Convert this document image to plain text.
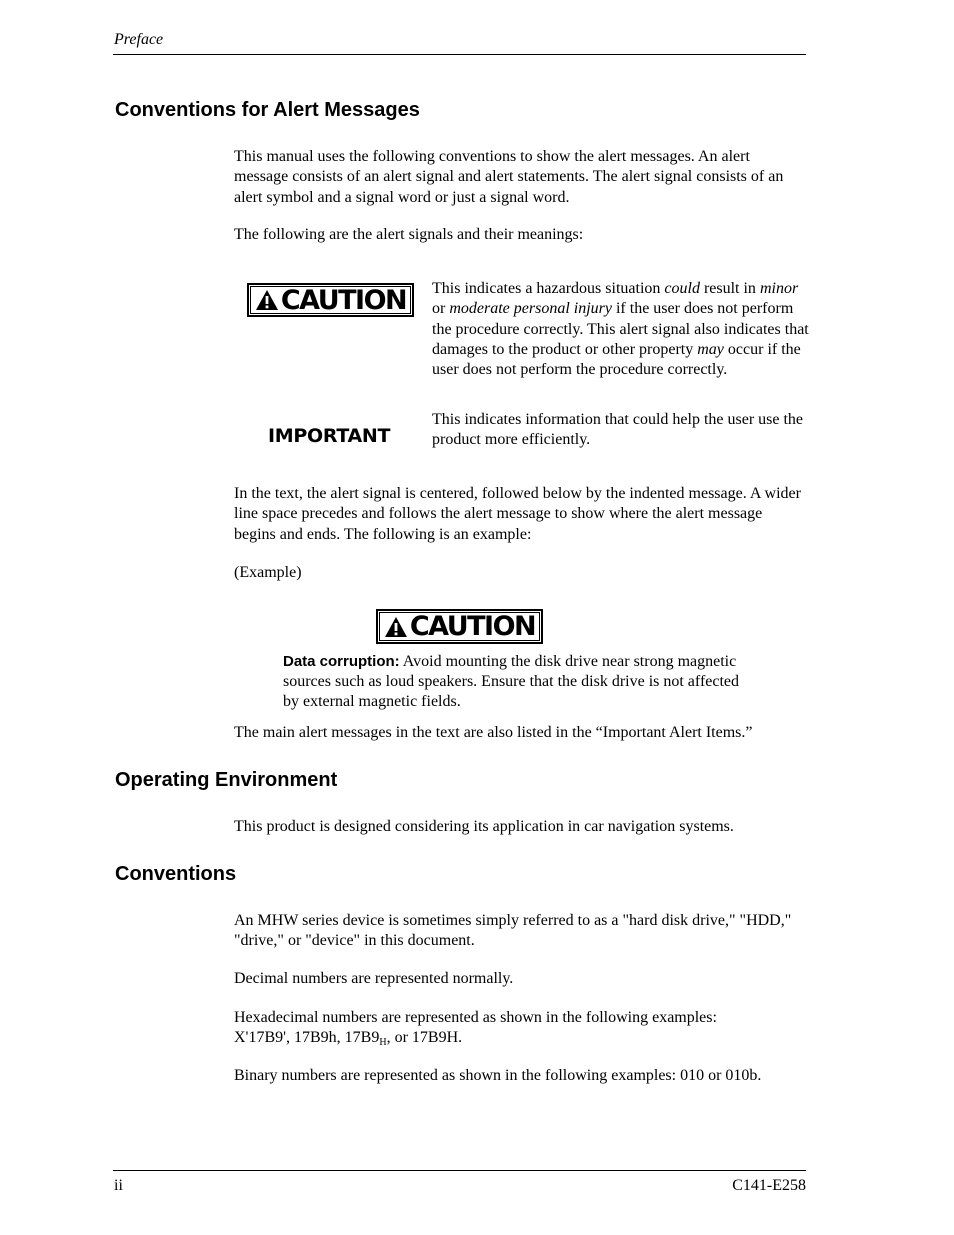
Preface
Conventions for Alert Messages
This manual uses the following conventions to show the alert messages. An alert message consists of an alert signal and alert statements. The alert signal consists of an alert symbol and a signal word or just a signal word.
The following are the alert signals and their meanings:
CAUTION This indicates a hazardous situation could result in minor or moderate personal injury if the user does not perform the procedure correctly. This alert signal also indicates that damages to the product or other property may occur if the user does not perform the procedure correctly.
IMPORTANT
This indicates information that could help the user use the product more efficiently.
In the text, the alert signal is centered, followed below by the indented message. A wider line space precedes and follows the alert message to show where the alert message begins and ends. The following is an example:
(Example)
CAUTION
Data corruption: Avoid mounting the disk drive near strong magnetic sources such as loud speakers. Ensure that the disk drive is not affected by external magnetic fields.
The main alert messages in the text are also listed in the “Important Alert Items.”
Operating Environment
This product is designed considering its application in car navigation systems.
Conventions
An MHW series device is sometimes simply referred to as a "hard disk drive," "HDD," "drive," or "device" in this document.
Decimal numbers are represented normally.
Hexadecimal numbers are represented as shown in the following examples:
X'17B9', 17B9h, $17B9_H$, or 17B9H.
Binary numbers are represented as shown in the following examples: 010 or 010b.
ii	C141-E258
